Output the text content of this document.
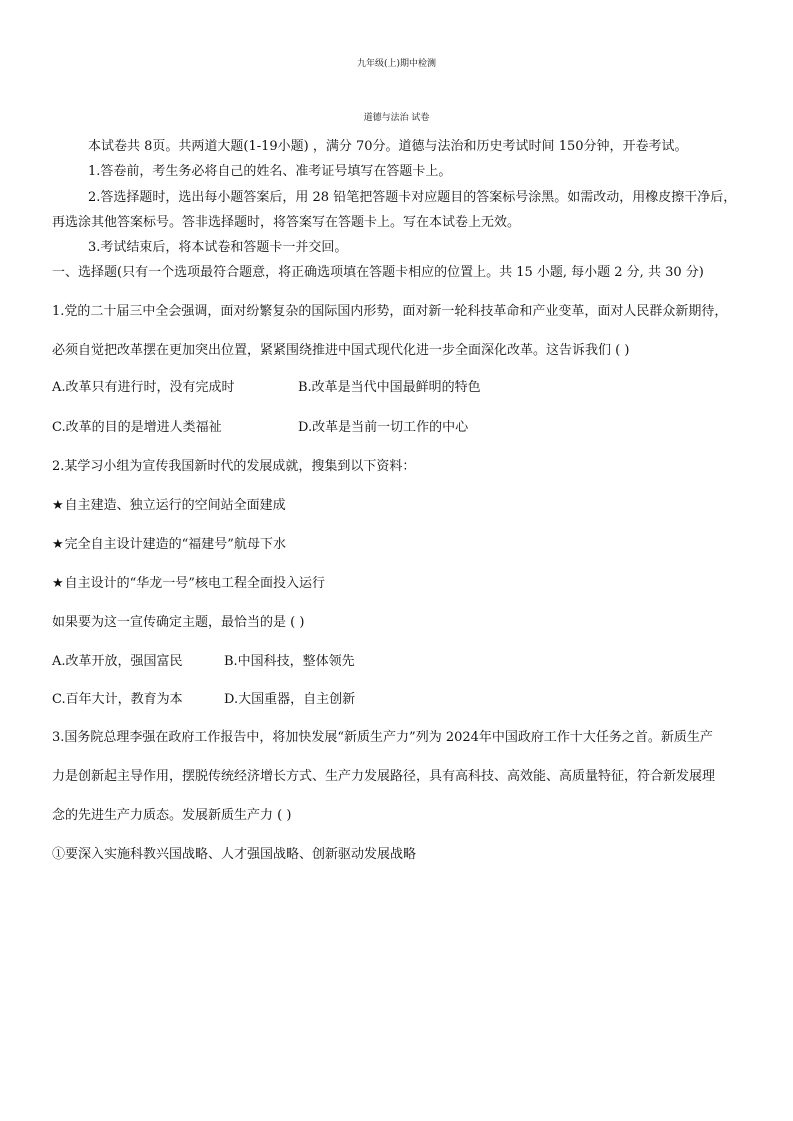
九年级(上)期中检测
道德与法治 试卷
本试卷共 8页。共两道大题(1-19小题) ，满分 70分。道德与法治和历史考试时间 150分钟，开卷考试。
1.答卷前，考生务必将自己的姓名、准考证号填写在答题卡上。
2.答选择题时，选出每小题答案后，用 28 铅笔把答题卡对应题目的答案标号涂黑。如需改动，用橡皮擦干净后，
再选涂其他答案标号。答非选择题时，将答案写在答题卡上。写在本试卷上无效。
3.考试结束后，将本试卷和答题卡一并交回。
一、选择题(只有一个选项最符合题意，将正确选项填在答题卡相应的位置上。共 15 小题, 每小题 2 分, 共 30 分)
1.党的二十届三中全会强调，面对纷繁复杂的国际国内形势，面对新一轮科技革命和产业变革，面对人民群众新期待，
必须自觉把改革摆在更加突出位置，紧紧围绕推进中国式现代化进一步全面深化改革。这告诉我们 ( )
A.改革只有进行时，没有完成时	B.改革是当代中国最鲜明的特色
C.改革的目的是增进人类福祉	D.改革是当前一切工作的中心
2.某学习小组为宣传我国新时代的发展成就，搜集到以下资料：
★自主建造、独立运行的空间站全面建成
★完全自主设计建造的“福建号”航母下水
★自主设计的“华龙一号”核电工程全面投入运行
如果要为这一宣传确定主题，最恰当的是 ( )
A.改革开放，强国富民	B.中国科技，整体领先
C.百年大计，教育为本	D.大国重器，自主创新
3.国务院总理李强在政府工作报告中，将加快发展“新质生产力”列为 2024年中国政府工作十大任务之首。新质生产
力是创新起主导作用，摆脱传统经济增长方式、生产力发展路径，具有高科技、高效能、高质量特征，符合新发展理
念的先进生产力质态。发展新质生产力 ( )
①要深入实施科教兴国战略、人才强国战略、创新驱动发展战略
